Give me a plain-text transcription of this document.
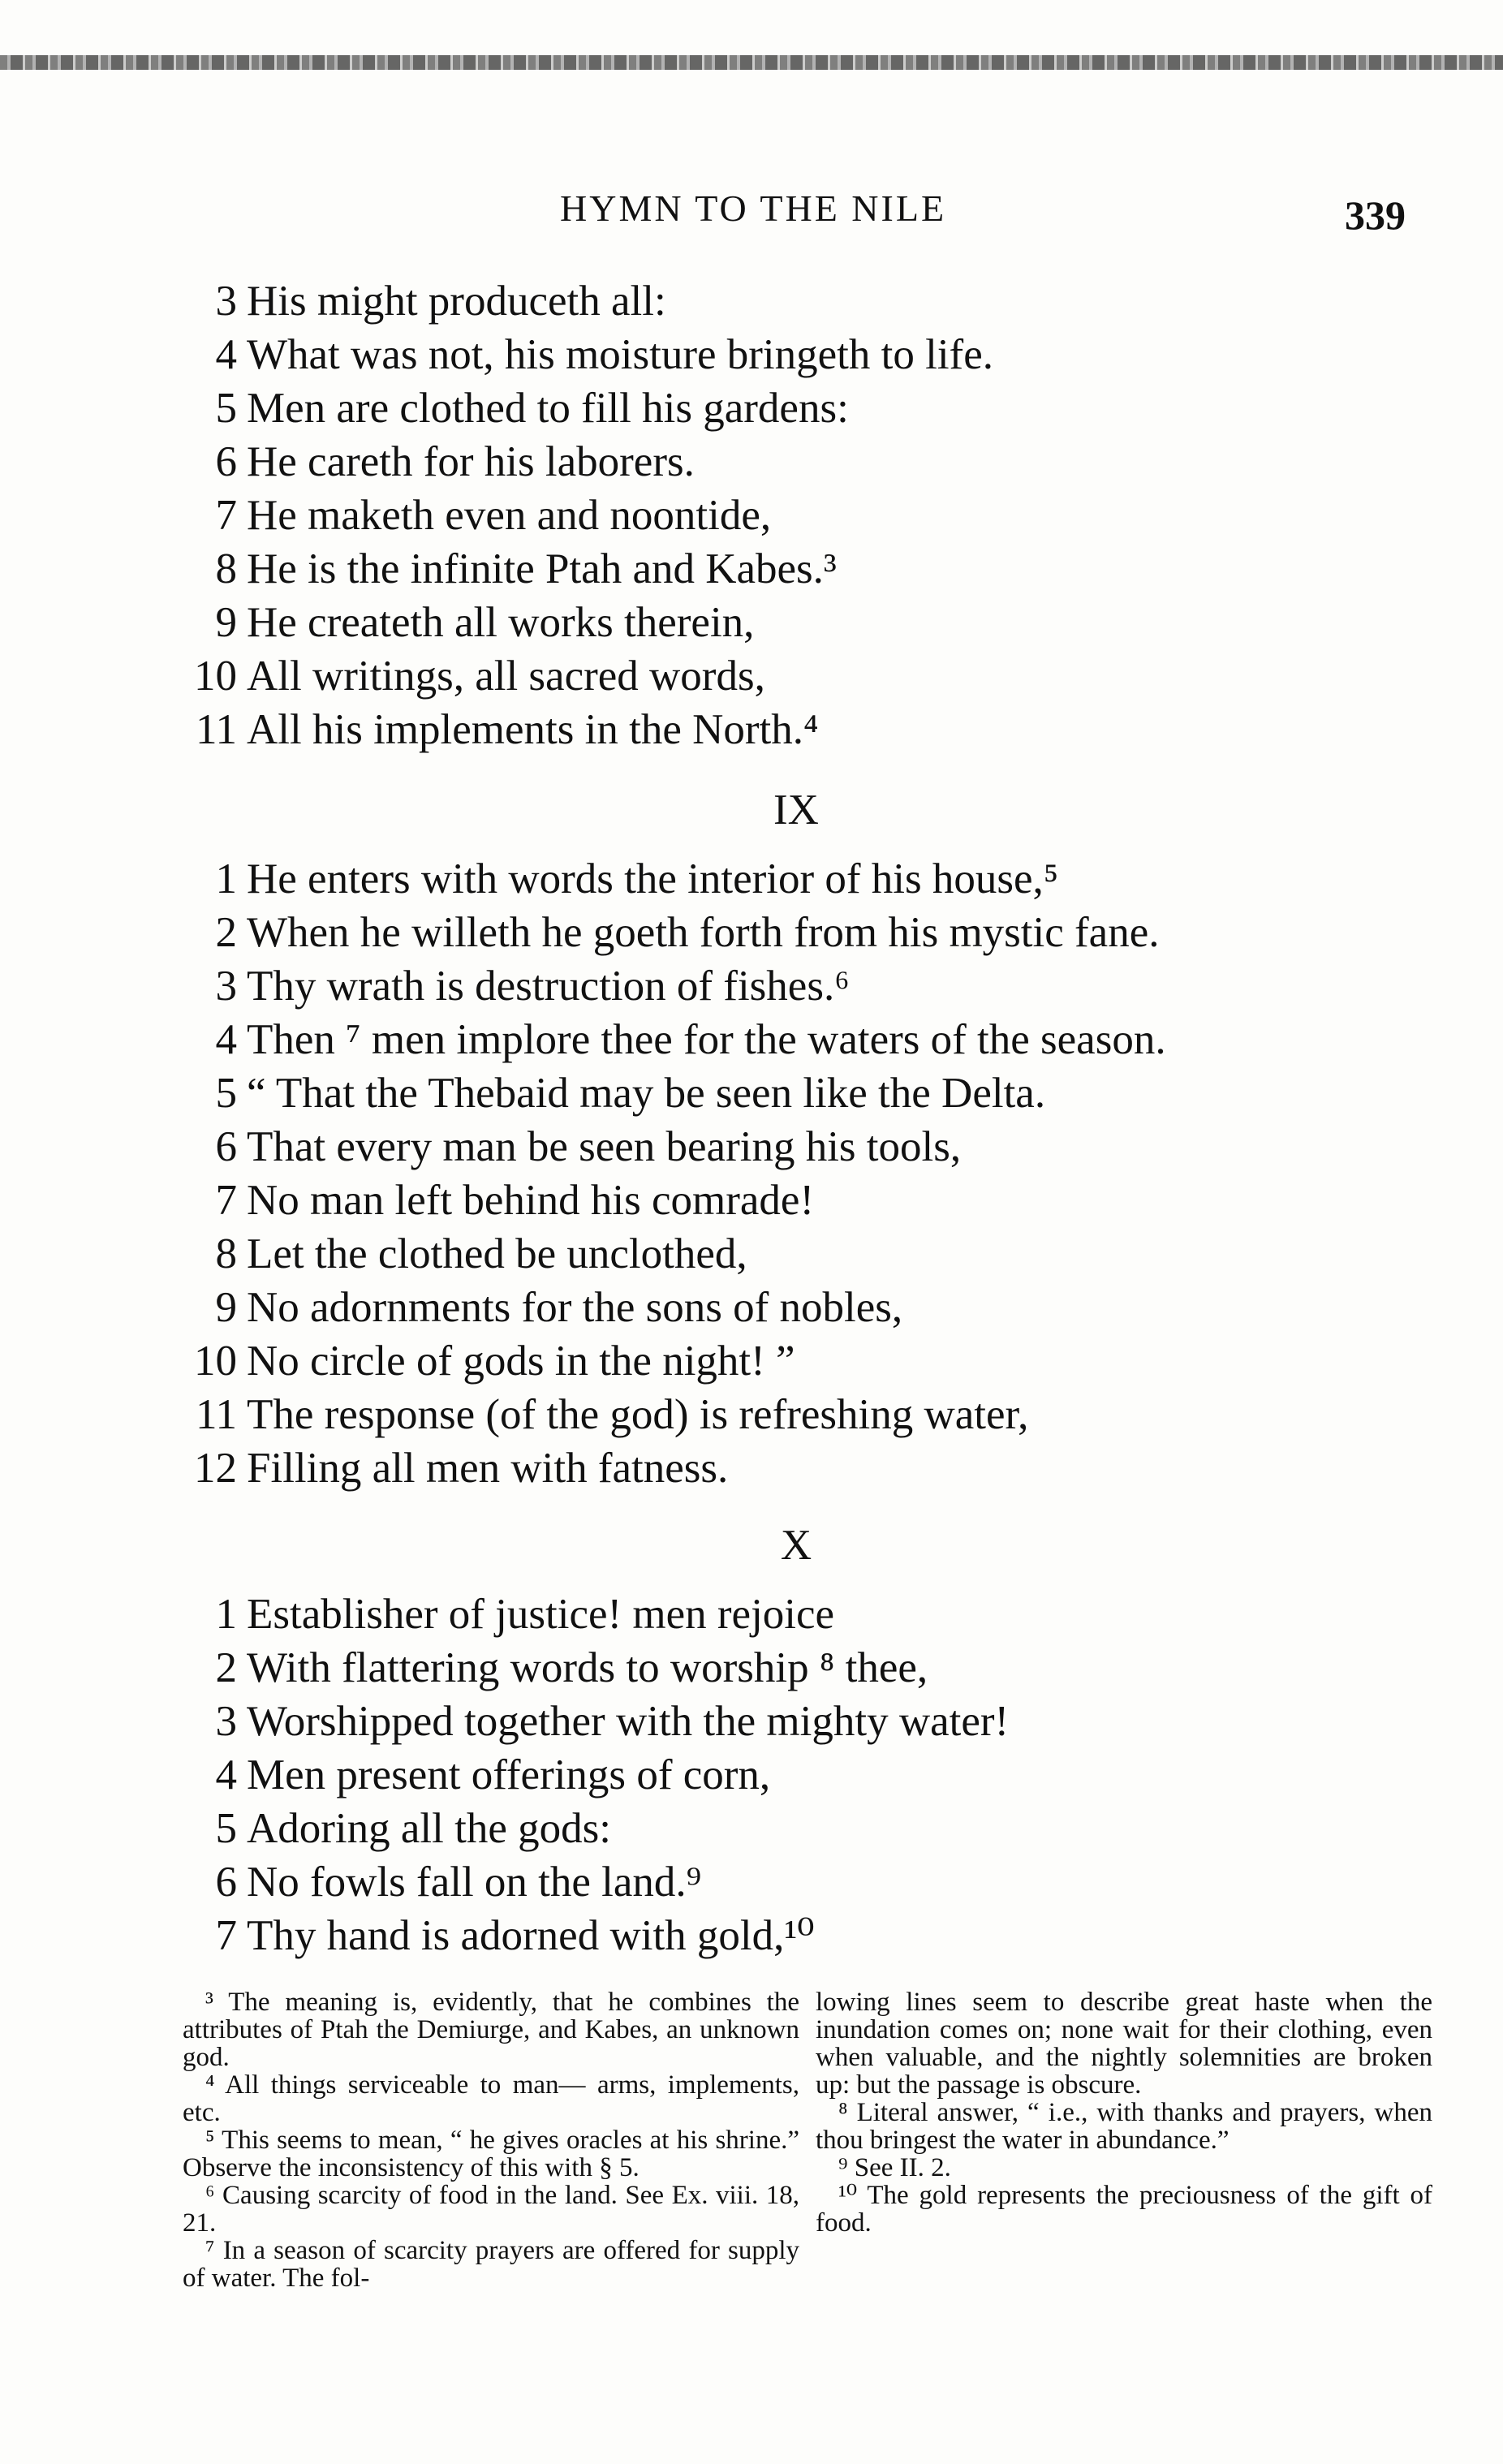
HYMN TO THE NILE	339
3 His might produceth all:
4 What was not, his moisture bringeth to life.
5 Men are clothed to fill his gardens:
6 He careth for his laborers.
7 He maketh even and noontide,
8 He is the infinite Ptah and Kabes.³
9 He createth all works therein,
10 All writings, all sacred words,
11 All his implements in the North.⁴
IX
1 He enters with words the interior of his house,⁵
2 When he willeth he goeth forth from his mystic fane.
3 Thy wrath is destruction of fishes.⁶
4 Then ⁷ men implore thee for the waters of the season.
5 “ That the Thebaid may be seen like the Delta.
6 That every man be seen bearing his tools,
7 No man left behind his comrade!
8 Let the clothed be unclothed,
9 No adornments for the sons of nobles,
10 No circle of gods in the night! ”
11 The response (of the god) is refreshing water,
12 Filling all men with fatness.
X
1 Establisher of justice! men rejoice
2 With flattering words to worship ⁸ thee,
3 Worshipped together with the mighty water!
4 Men present offerings of corn,
5 Adoring all the gods:
6 No fowls fall on the land.⁹
7 Thy hand is adorned with gold,¹⁰

³ The meaning is, evidently, that he combines the attributes of Ptah the Demiurge, and Kabes, an unknown god.

⁴ All things serviceable to man— arms, implements, etc.

⁵ This seems to mean, “ he gives oracles at his shrine.” Observe the inconsistency of this with § 5.

⁶ Causing scarcity of food in the land. See Ex. viii. 18, 21.

⁷ In a season of scarcity prayers are offered for supply of water. The fol-

lowing lines seem to describe great haste when the inundation comes on; none wait for their clothing, even when valuable, and the nightly solemnities are broken up: but the passage is obscure.

⁸ Literal answer, “ i.e., with thanks and prayers, when thou bringest the water in abundance.”

⁹ See II. 2.

¹⁰ The gold represents the preciousness of the gift of food.
